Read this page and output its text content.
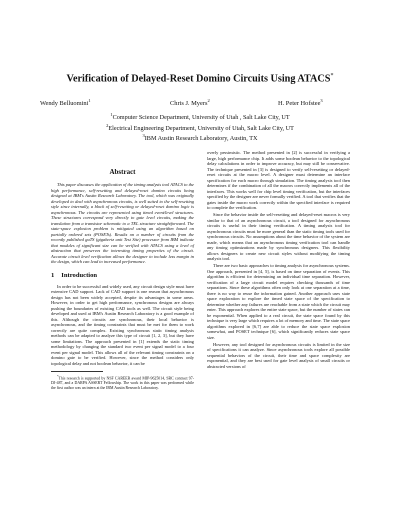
Verification of Delayed-Reset Domino Circuits Using ATACS*
Wendy Belluomini$^1$	Chris J. Myers$^2$	H. Peter Hofstee$^3$
$^1$Computer Science Department, University of Utah , Salt Lake City, UT
$^2$Electrical Engineering Department, University of Utah, Salt Lake City, UT
$^3$IBM Austin Research Laboratory, Austin, TX
Abstract

This paper discusses the application of the timing analysis tool ATACS to the high performance, self-resetting and delayed-reset domino circuits being designed at IBM's Austin Research Laboratory. The tool, which was originally developed to deal with asynchronous circuits, is well suited to the self-resetting style since internally, a block of self-resetting or delayed-reset domino logic is asynchronous. The circuits are represented using timed event/level structures. These structures correspond very directly to gate level circuits, making the translation from a transistor schematic to a TEL structure straightforward. The state-space explosion problem is mitigated using an algorithm based on partially ordered sets (POSETs). Results on a number of circuits from the recently published guTS (gigahertz unit Test Site) processor from IBM indicate that modules of significant size can be verified with ATACS using a level of abstraction that preserves the interesting timing properties of the circuit. Accurate circuit level verification allows the designer to include less margin in the design, which can lead to increased performance.

1 Introduction

In order to be successful and widely used, any circuit design style must have extensive CAD support. Lack of CAD support is one reason that asynchronous design has not been widely accepted, despite its advantages in some areas. However, in order to get high performance, synchronous designs are always pushing the boundaries of existing CAD tools as well. The circuit style being developed and used at IBM's Austin Research Laboratory is a good example of this. Although the circuits are synchronous, their local behavior is asynchronous, and the timing constraints that must be met for them to work correctly are quite complex. Existing synchronous static timing analysis methods can be adapted to analyze this type of circuit [1, 2, 3], but they have some limitations. The approach presented in [1] extends the static timing methodology by changing the standard two event per signal model to a four event per signal model. This allows all of the relevant timing constraints on a domino gate to be verified. However, since the method considers only topological delay and not boolean behavior, it can be

*This research is supported by NSF CAREER award MIP-9625014, SRC contract 97-DJ-487, and a DARPA ASSERT Fellowship. The work in this paper was performed while the first author was an intern at the IBM Austin Research Laboratory.

overly pessimistic. The method presented in [2] is successful in verifying a large, high performance chip. It adds some boolean behavior to the topological delay calculations in order to improve accuracy, but may still be conservative. The technique presented in [3] is designed to verify self-resetting or delayed-reset circuits at the macro level. A designer must determine an interface specification for each macro through simulation. The timing analysis tool then determines if the combination of all the macros correctly implements all of the interfaces. This works well for chip level timing verification, but the interfaces specified by the designer are never formally verified. A tool that verifies that the gates inside the macro work correctly within the specified interface is required to complete the verification.

Since the behavior inside the self-resetting and delayed-reset macros is very similar to that of an asynchronous circuit, a tool designed for asynchronous circuits is useful in their timing verification. A timing analysis tool for asynchronous circuits must be more general than the static timing tools used for synchronous circuits. No assumptions about the time behavior of the system are made, which means that an asynchronous timing verification tool can handle any timing optimizations made by synchronous designers. This flexibility allows designers to create new circuit styles without modifying the timing analysis tool.

There are two basic approaches to timing analysis for asynchronous systems. One approach, presented in [4, 5], is based on time separation of events. This algorithm is efficient for determining an individual time separation. However, verification of a large circuit model requires checking thousands of time separations. Since these algorithms often only look at one separation at a time, there is no way to reuse the information gained. Another approach uses state space exploration to explore the timed state space of the specification to determine whether any failures are reachable from a state which the circuit may enter. This approach explores the entire state space, but the number of states can be exponential. When applied to a real circuit, the state space found by this technique is very large which requires a lot of memory and time. The state space algorithms explored in [6,7] are able to reduce the state space explosion somewhat, and POSET technique [6], which significantly reduces state space size.

However, any tool designed for asynchronous circuits is limited in the size of specifications it can analyze. Since asynchronous tools explore all possible sequential behaviors of the circuit, their time and space complexity are exponential, and they are best used for gate level analysis of small circuits or abstracted versions of
